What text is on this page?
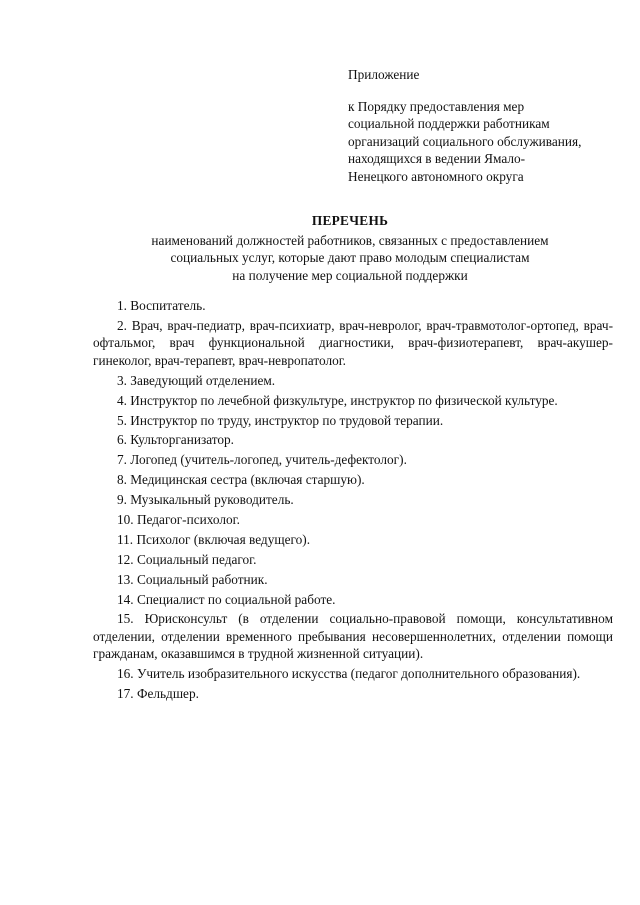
Приложение

к Порядку предоставления мер
социальной поддержки работникам
организаций социального обслуживания,
находящихся в ведении Ямало-
Ненецкого автономного округа

ПЕРЕЧЕНЬ

наименований должностей работников, связанных с предоставлением
социальных услуг, которые дают право молодым специалистам
на получение мер социальной поддержки

1. Воспитатель.
2. Врач, врач-педиатр, врач-психиатр, врач-невролог, врач-травмотолог-ортопед, врач-офтальмог, врач функциональной диагностики, врач-физиотерапевт, врач-акушер-гинеколог, врач-терапевт, врач-невропатолог.
3. Заведующий отделением.
4. Инструктор по лечебной физкультуре, инструктор по физической культуре.
5. Инструктор по труду, инструктор по трудовой терапии.
6. Культорганизатор.
7. Логопед (учитель-логопед, учитель-дефектолог).
8. Медицинская сестра (включая старшую).
9. Музыкальный руководитель.
10. Педагог-психолог.
11. Психолог (включая ведущего).
12. Социальный педагог.
13. Социальный работник.
14. Специалист по социальной работе.
15. Юрисконсульт (в отделении социально-правовой помощи, консультативном отделении, отделении временного пребывания несовершеннолетних, отделении помощи гражданам, оказавшимся в трудной жизненной ситуации).
16. Учитель изобразительного искусства (педагог дополнительного образования).
17. Фельдшер.
